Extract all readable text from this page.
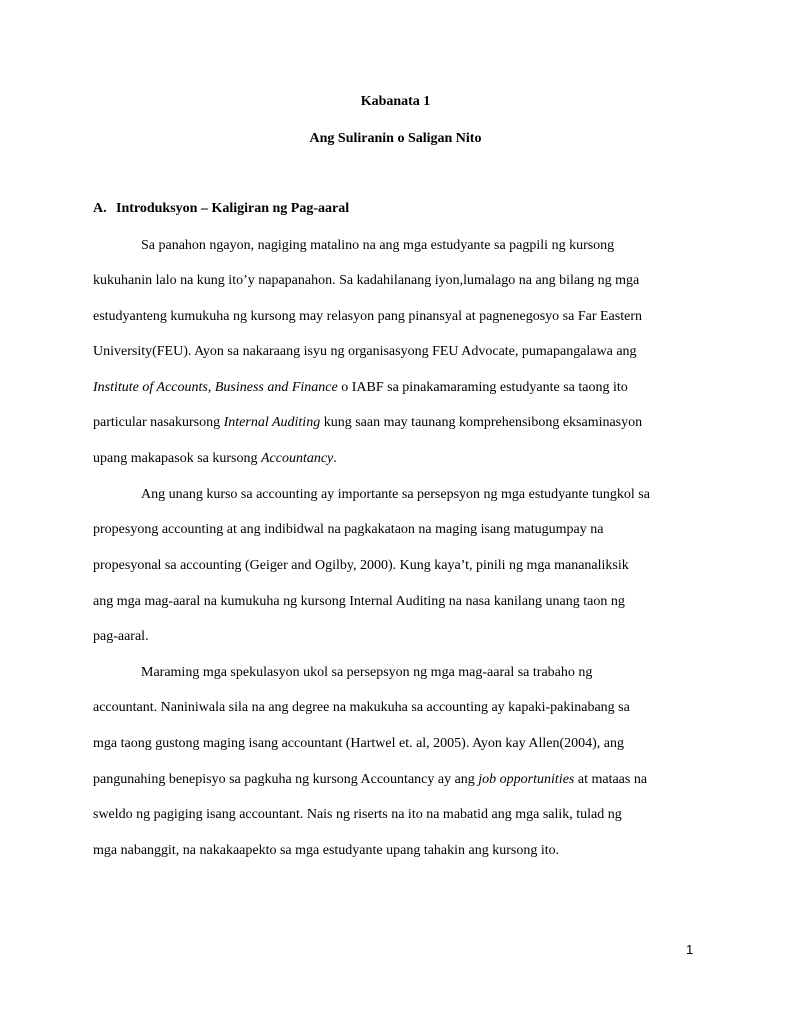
Kabanata 1
Ang Suliranin o Saligan Nito
A. Introduksyon – Kaligiran ng Pag-aaral
Sa panahon ngayon, nagiging matalino na ang mga estudyante sa pagpili ng kursong
kukuhanin lalo na kung ito’y napapanahon. Sa kadahilanang iyon,lumalago na ang bilang ng mga
estudyanteng kumukuha ng kursong may relasyon pang pinansyal at pagnenegosyo sa Far Eastern
University(FEU). Ayon sa nakaraang isyu ng organisasyong FEU Advocate, pumapangalawa ang
Institute of Accounts, Business and Finance o IABF sa pinakamaraming estudyante sa taong ito
particular nasakursong Internal Auditing kung saan may taunang komprehensibong eksaminasyon
upang makapasok sa kursong Accountancy.
Ang unang kurso sa accounting ay importante sa persepsyon ng mga estudyante tungkol sa
propesyong accounting at ang indibidwal na pagkakataon na maging isang matugumpay na
propesyonal sa accounting (Geiger and Ogilby, 2000). Kung kaya’t, pinili ng mga mananaliksik
ang mga mag-aaral na kumukuha ng kursong Internal Auditing na nasa kanilang unang taon ng
pag-aaral.
Maraming mga spekulasyon ukol sa persepsyon ng mga mag-aaral sa trabaho ng
accountant. Naniniwala sila na ang degree na makukuha sa accounting ay kapaki-pakinabang sa
mga taong gustong maging isang accountant (Hartwel et. al, 2005). Ayon kay Allen(2004), ang
pangunahing benepisyo sa pagkuha ng kursong Accountancy ay ang job opportunities at mataas na
sweldo ng pagiging isang accountant. Nais ng riserts na ito na mabatid ang mga salik, tulad ng
mga nabanggit, na nakakaapekto sa mga estudyante upang tahakin ang kursong ito.
1
